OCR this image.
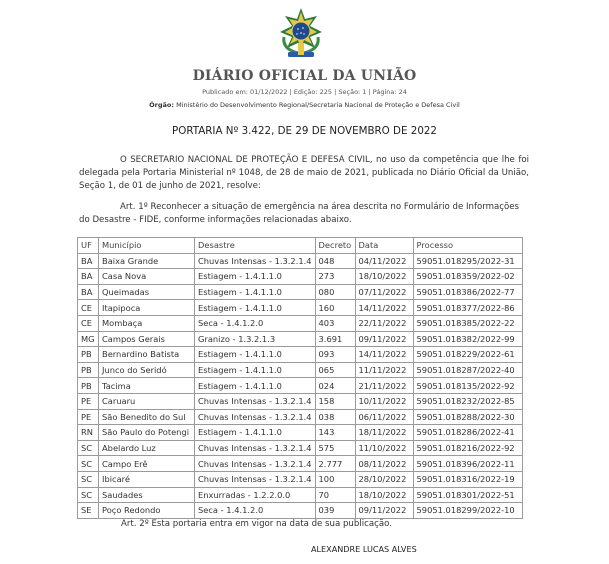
DIÁRIO OFICIAL DA UNIÃO
Publicado em: 01/12/2022 | Edição: 225 | Seção: 1 | Página: 24
Órgão: Ministério do Desenvolvimento Regional/Secretaria Nacional de Proteção e Defesa Civil
PORTARIA Nº 3.422, DE 29 DE NOVEMBRO DE 2022
O SECRETARIO NACIONAL DE PROTEÇÃO E DEFESA CIVIL, no uso da competência que lhe foi delegada pela Portaria Ministerial nº 1048, de 28 de maio de 2021, publicada no Diário Oficial da União, Seção 1, de 01 de junho de 2021, resolve:
Art. 1º Reconhecer a situação de emergência na área descrita no Formulário de Informações do Desastre - FIDE, conforme informações relacionadas abaixo.
UF	Município	Desastre	Decreto	Data	Processo
BA	Baixa Grande	Chuvas Intensas - 1.3.2.1.4	048	04/11/2022	59051.018295/2022-31
BA	Casa Nova	Estiagem - 1.4.1.1.0	273	18/10/2022	59051.018359/2022-02
BA	Queimadas	Estiagem - 1.4.1.1.0	080	07/11/2022	59051.018386/2022-77
CE	Itapipoca	Estiagem - 1.4.1.1.0	160	14/11/2022	59051.018377/2022-86
CE	Mombaça	Seca - 1.4.1.2.0	403	22/11/2022	59051.018385/2022-22
MG	Campos Gerais	Granizo - 1.3.2.1.3	3.691	09/11/2022	59051.018382/2022-99
PB	Bernardino Batista	Estiagem - 1.4.1.1.0	093	14/11/2022	59051.018229/2022-61
PB	Junco do Seridó	Estiagem - 1.4.1.1.0	065	11/11/2022	59051.018287/2022-40
PB	Tacima	Estiagem - 1.4.1.1.0	024	21/11/2022	59051.018135/2022-92
PE	Caruaru	Chuvas Intensas - 1.3.2.1.4	158	10/11/2022	59051.018232/2022-85
PE	São Benedito do Sul	Chuvas Intensas - 1.3.2.1.4	038	06/11/2022	59051.018288/2022-30
RN	São Paulo do Potengi	Estiagem - 1.4.1.1.0	143	18/11/2022	59051.018286/2022-41
SC	Abelardo Luz	Chuvas Intensas - 1.3.2.1.4	575	11/10/2022	59051.018216/2022-92
SC	Campo Erê	Chuvas Intensas - 1.3.2.1.4	2.777	08/11/2022	59051.018396/2022-11
SC	Ibicaré	Chuvas Intensas - 1.3.2.1.4	100	28/10/2022	59051.018316/2022-19
SC	Saudades	Enxurradas - 1.2.2.0.0	70	18/10/2022	59051.018301/2022-51
SE	Poço Redondo	Seca - 1.4.1.2.0	039	09/11/2022	59051.018299/2022-10
Art. 2º Esta portaria entra em vigor na data de sua publicação.
ALEXANDRE LUCAS ALVES
